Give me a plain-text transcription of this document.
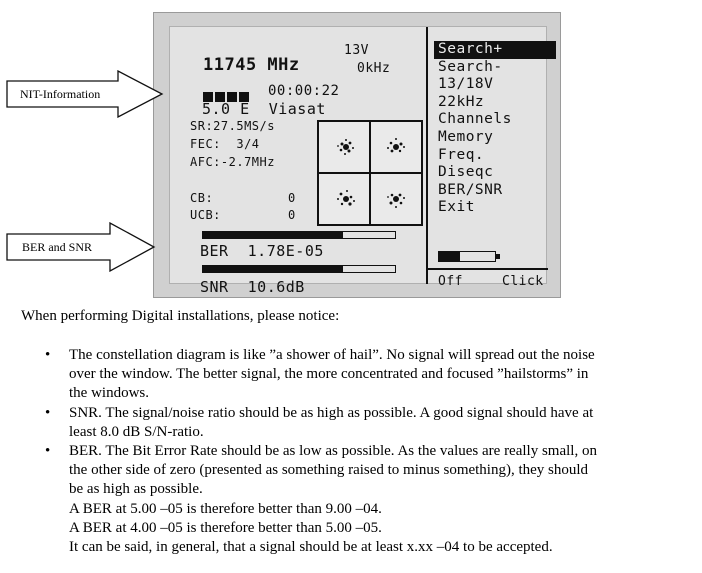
11745 MHz
13V
0kHz
00:00:22
5.0 E  Viasat
SR:27.5MS/s
FEC:  3/4
AFC:-2.7MHz
CB:	0
UCB:	0
BER  1.78E-05
SNR  10.6dB
Search+
Search-
13/18V
22kHz
Channels
Memory
Freq.
Diseqc
BER/SNR
Exit
Off	Click
NIT-Information
BER and SNR
When performing Digital installations, please notice:
• The constellation diagram is like ”a shower of hail”. No signal will spread out the noise
over the window. The better signal, the more concentrated and focused ”hailstorms” in
the windows.
• SNR. The signal/noise ratio should be as high as possible. A good signal should have at
least 8.0 dB S/N-ratio.
• BER. The Bit Error Rate should be as low as possible. As the values are really small, on
the other side of zero (presented as something raised to minus something), they should
be as high as possible.
A BER at 5.00 –05 is therefore better than 9.00 –04.
A BER at 4.00 –05 is therefore better than 5.00 –05.
It can be said, in general, that a signal should be at least x.xx –04 to be accepted.
